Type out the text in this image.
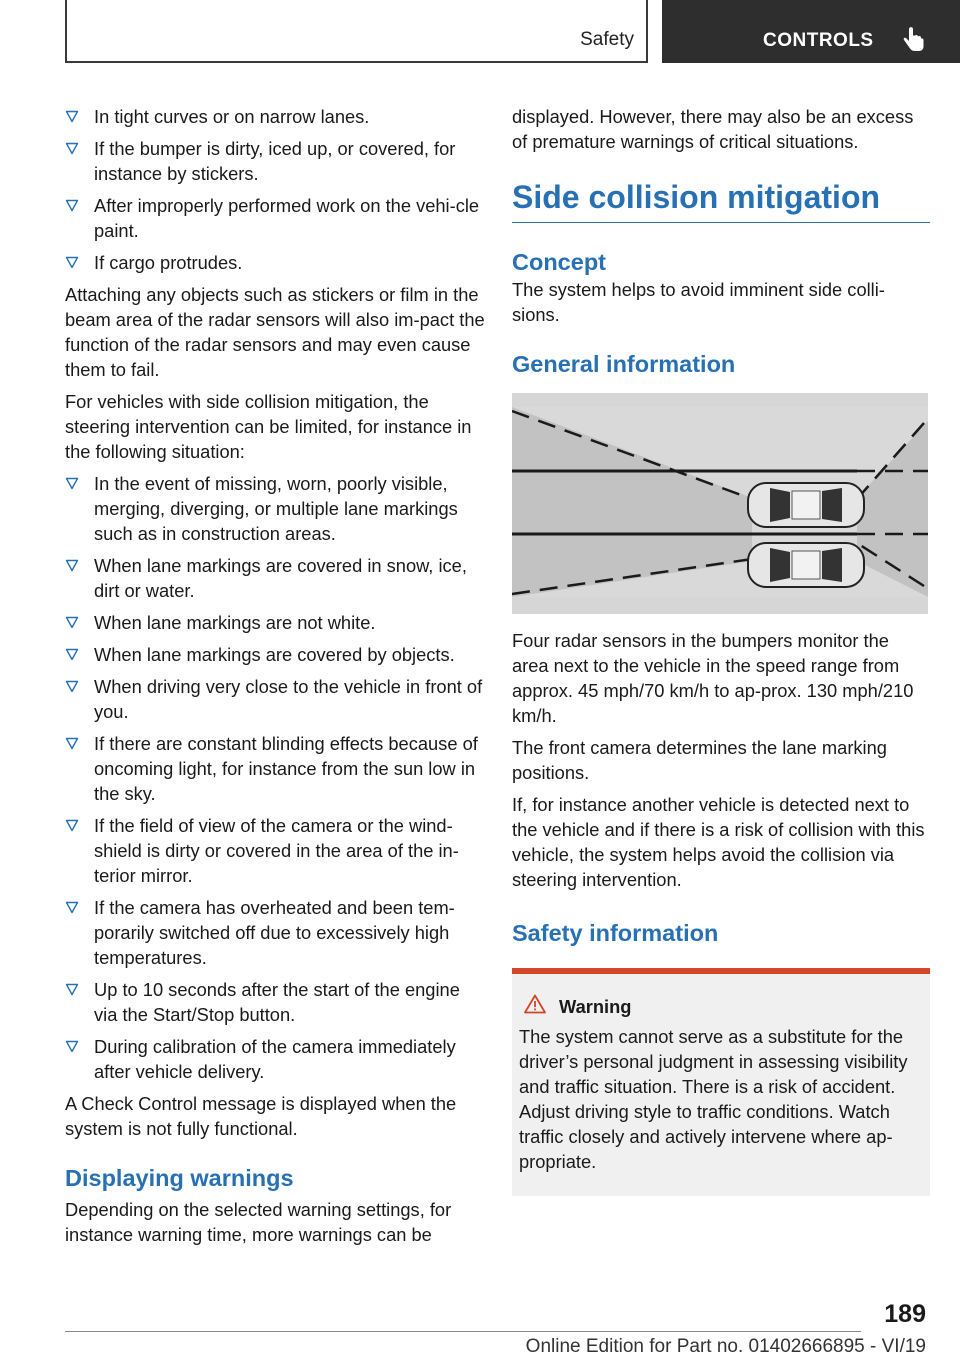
Safety	CONTROLS
In tight curves or on narrow lanes.
If the bumper is dirty, iced up, or covered, for instance by stickers.
After improperly performed work on the vehi‐cle paint.
If cargo protrudes.

Attaching any objects such as stickers or film in the beam area of the radar sensors will also im‐pact the function of the radar sensors and may even cause them to fail.

For vehicles with side collision mitigation, the steering intervention can be limited, for instance in the following situation:

In the event of missing, worn, poorly visible, merging, diverging, or multiple lane markings such as in construction areas.
When lane markings are covered in snow, ice, dirt or water.
When lane markings are not white.
When lane markings are covered by objects.
When driving very close to the vehicle in front of you.
If there are constant blinding effects because of oncoming light, for instance from the sun low in the sky.
If the field of view of the camera or the wind‐shield is dirty or covered in the area of the in‐terior mirror.
If the camera has overheated and been tem‐porarily switched off due to excessively high temperatures.
Up to 10 seconds after the start of the engine via the Start/Stop button.
During calibration of the camera immediately after vehicle delivery.

A Check Control message is displayed when the system is not fully functional.

Displaying warnings

Depending on the selected warning settings, for instance warning time, more warnings can be

displayed. However, there may also be an excess of premature warnings of critical situations.

Side collision mitigation
Concept

The system helps to avoid imminent side colli‐sions.

General information

Four radar sensors in the bumpers monitor the area next to the vehicle in the speed range from approx. 45 mph/70 km/h to ap‐prox. 130 mph/210 km/h.

The front camera determines the lane marking positions.

If, for instance another vehicle is detected next to the vehicle and if there is a risk of collision with this vehicle, the system helps avoid the collision via steering intervention.

Safety information
Warning
The system cannot serve as a substitute for the driver’s personal judgment in assessing visibility and traffic situation. There is a risk of accident. Adjust driving style to traffic conditions. Watch traffic closely and actively intervene where ap‐propriate.
189
Online Edition for Part no. 01402666895 - VI/19
